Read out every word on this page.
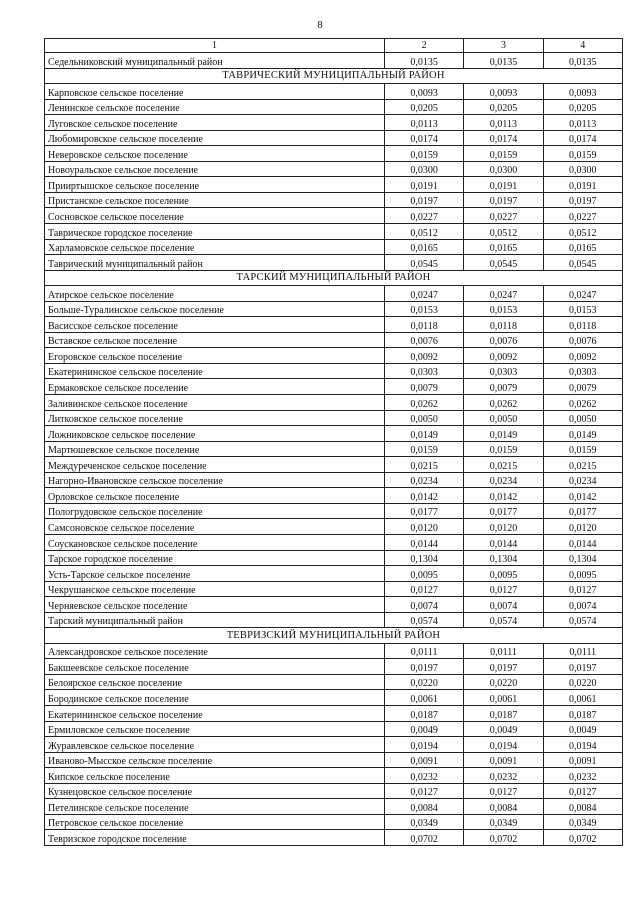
8
1	2	3	4
Седельниковский муниципальный район	0,0135	0,0135	0,0135
ТАВРИЧЕСКИЙ МУНИЦИПАЛЬНЫЙ РАЙОН			
Карповское сельское поселение	0,0093	0,0093	0,0093
Ленинское сельское поселение	0,0205	0,0205	0,0205
Луговское сельское поселение	0,0113	0,0113	0,0113
Любомировское сельское поселение	0,0174	0,0174	0,0174
Неверовское сельское поселение	0,0159	0,0159	0,0159
Новоуральское сельское поселение	0,0300	0,0300	0,0300
Прииртышское сельское поселение	0,0191	0,0191	0,0191
Пристанское сельское поселение	0,0197	0,0197	0,0197
Сосновское сельское поселение	0,0227	0,0227	0,0227
Таврическое городское поселение	0,0512	0,0512	0,0512
Харламовское сельское поселение	0,0165	0,0165	0,0165
Таврический муниципальный район	0,0545	0,0545	0,0545
ТАРСКИЙ МУНИЦИПАЛЬНЫЙ РАЙОН			
Атирское сельское поселение	0,0247	0,0247	0,0247
Больше-Туралинское сельское поселение	0,0153	0,0153	0,0153
Васисское сельское поселение	0,0118	0,0118	0,0118
Вставское сельское поселение	0,0076	0,0076	0,0076
Егоровское сельское поселение	0,0092	0,0092	0,0092
Екатерининское сельское поселение	0,0303	0,0303	0,0303
Ермаковское сельское поселение	0,0079	0,0079	0,0079
Заливинское сельское поселение	0,0262	0,0262	0,0262
Литковское сельское поселение	0,0050	0,0050	0,0050
Ложниковское сельское поселение	0,0149	0,0149	0,0149
Мартюшевское сельское поселение	0,0159	0,0159	0,0159
Междуреченское сельское поселение	0,0215	0,0215	0,0215
Нагорно-Ивановское сельское поселение	0,0234	0,0234	0,0234
Орловское сельское поселение	0,0142	0,0142	0,0142
Пологрудовское сельское поселение	0,0177	0,0177	0,0177
Самсоновское сельское поселение	0,0120	0,0120	0,0120
Соускановское сельское поселение	0,0144	0,0144	0,0144
Тарское городское поселение	0,1304	0,1304	0,1304
Усть-Тарское сельское поселение	0,0095	0,0095	0,0095
Чекрушанское сельское поселение	0,0127	0,0127	0,0127
Черняевское сельское поселение	0,0074	0,0074	0,0074
Тарский муниципальный район	0,0574	0,0574	0,0574
ТЕВРИЗСКИЙ МУНИЦИПАЛЬНЫЙ РАЙОН			
Александровское сельское поселение	0,0111	0,0111	0,0111
Бакшеевское сельское поселение	0,0197	0,0197	0,0197
Белоярское сельское поселение	0,0220	0,0220	0,0220
Бородинское сельское поселение	0,0061	0,0061	0,0061
Екатерининское сельское поселение	0,0187	0,0187	0,0187
Ермиловское сельское поселение	0,0049	0,0049	0,0049
Журавлевское сельское поселение	0,0194	0,0194	0,0194
Иваново-Мысское сельское поселение	0,0091	0,0091	0,0091
Кипское сельское поселение	0,0232	0,0232	0,0232
Кузнецовское сельское поселение	0,0127	0,0127	0,0127
Петелинское сельское поселение	0,0084	0,0084	0,0084
Петровское сельское поселение	0,0349	0,0349	0,0349
Тевризское городское поселение	0,0702	0,0702	0,0702
